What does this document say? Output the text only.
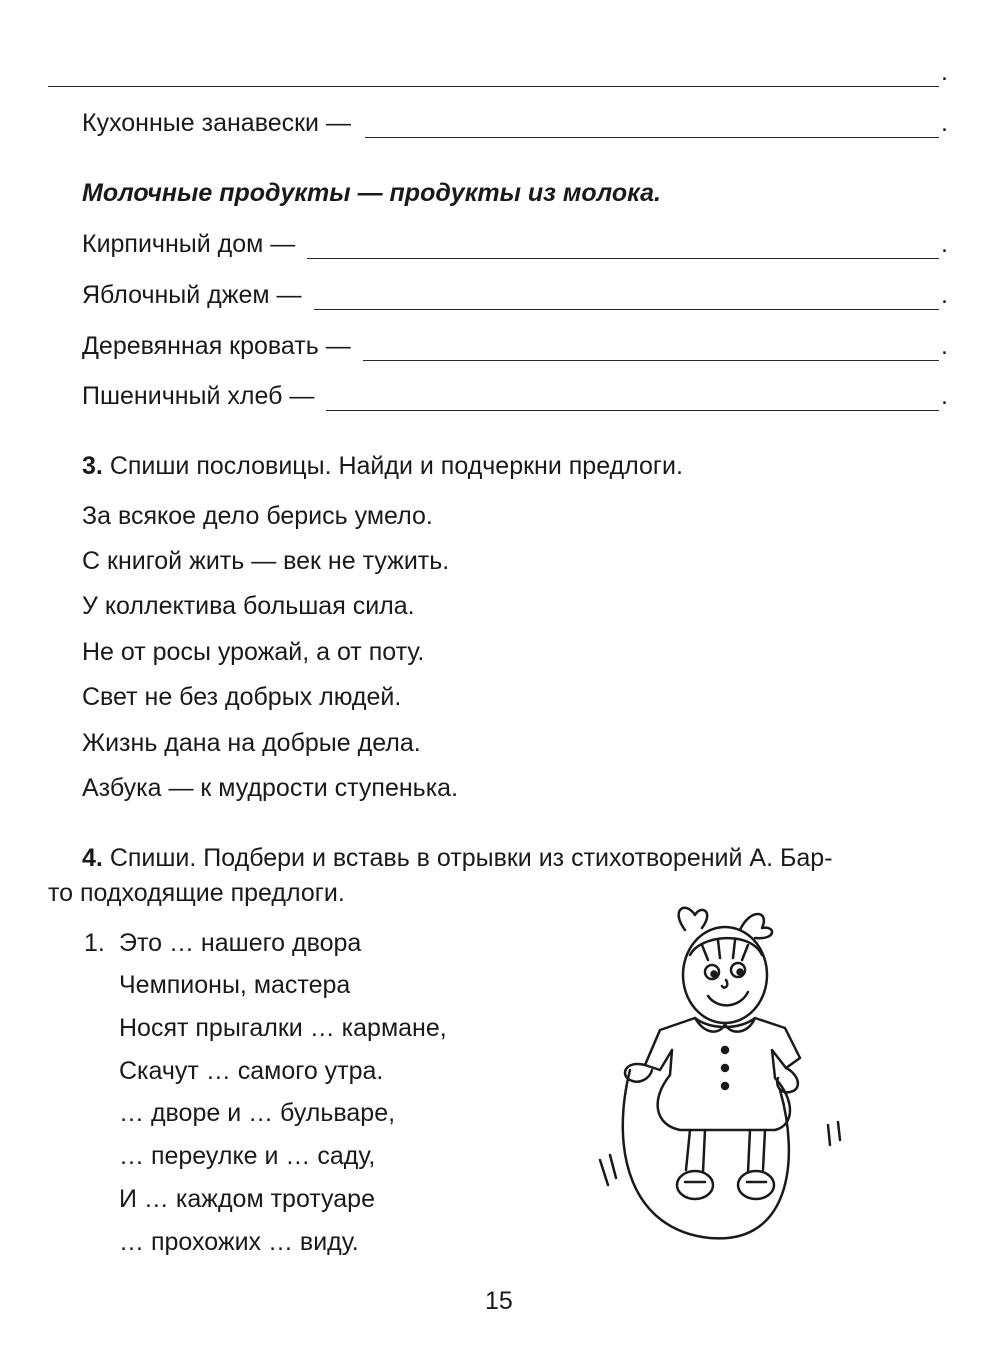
.
Кухонные занавески —	.
Молочные продукты — продукты из молока.
Кирпичный дом —	.
Яблочный джем —	.
Деревянная кровать —	.
Пшеничный хлеб —	.
3. Спиши пословицы. Найди и подчеркни предлоги.
За всякое дело берись умело.
С книгой жить — век не тужить.
У коллектива большая сила.
Не от росы урожай, а от поту.
Свет не без добрых людей.
Жизнь дана на добрые дела.
Азбука — к мудрости ступенька.
4. Спиши. Подбери и вставь в отрывки из стихотворений А. Бар-
то подходящие предлоги.
1. Это … нашего двора
Чемпионы, мастера
Носят прыгалки … кармане,
Скачут … самого утра.
… дворе и … бульваре,
… переулке и … саду,
И … каждом тротуаре
… прохожих … виду.
15
